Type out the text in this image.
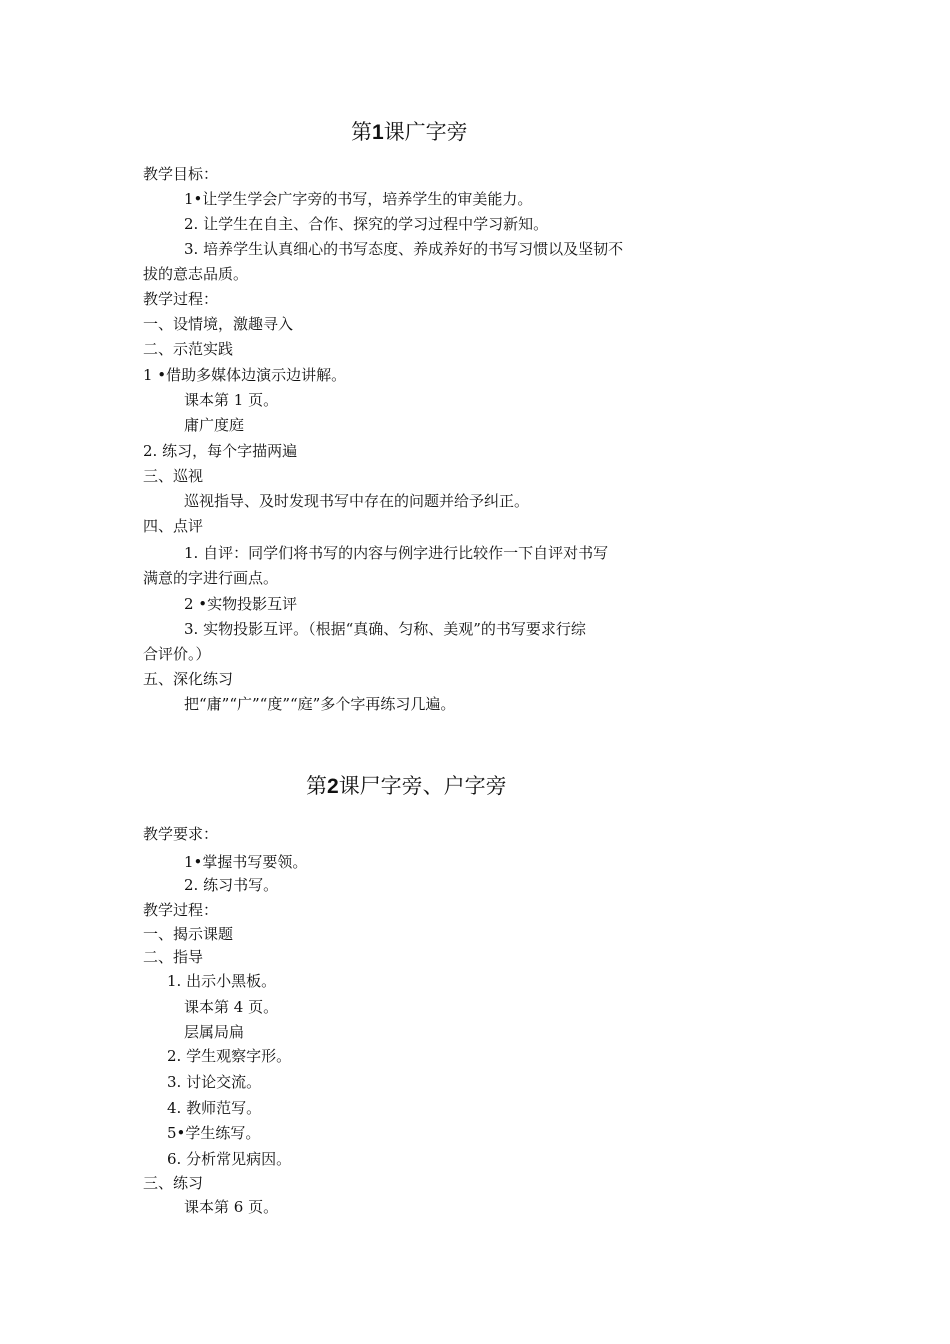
第1课广字旁

教学目标：

1•让学生学会广字旁的书写，培养学生的审美能力。

2. 让学生在自主、合作、探究的学习过程中学习新知。

3. 培养学生认真细心的书写态度、养成养好的书写习惯以及坚韧不

拔的意志品质。

教学过程：

一、设情境，激趣寻入

二、示范实践

1 •借助多媒体边演示边讲解。

课本第 1 页。

庸广度庭

2. 练习，每个字描两遍

三、巡视

巡视指导、及时发现书写中存在的问题并给予纠正。

四、点评

1. 自评：同学们将书写的内容与例字进行比较作一下自评对书写

满意的字进行画点。

2 •实物投影互评

3. 实物投影互评。（根据“真确、匀称、美观”的书写要求行综

合评价。）

五、深化练习

把“庸”“广”“度”“庭”多个字再练习几遍。

第2课尸字旁、户字旁

教学要求：

1•掌握书写要领。

2. 练习书写。

教学过程：

一、揭示课题

二、指导

1. 出示小黑板。

课本第 4 页。

层属局扁

2. 学生观察字形。

3. 讨论交流。

4. 教师范写。

5•学生练写。

6. 分析常见病因。

三、练习

课本第 6 页。
